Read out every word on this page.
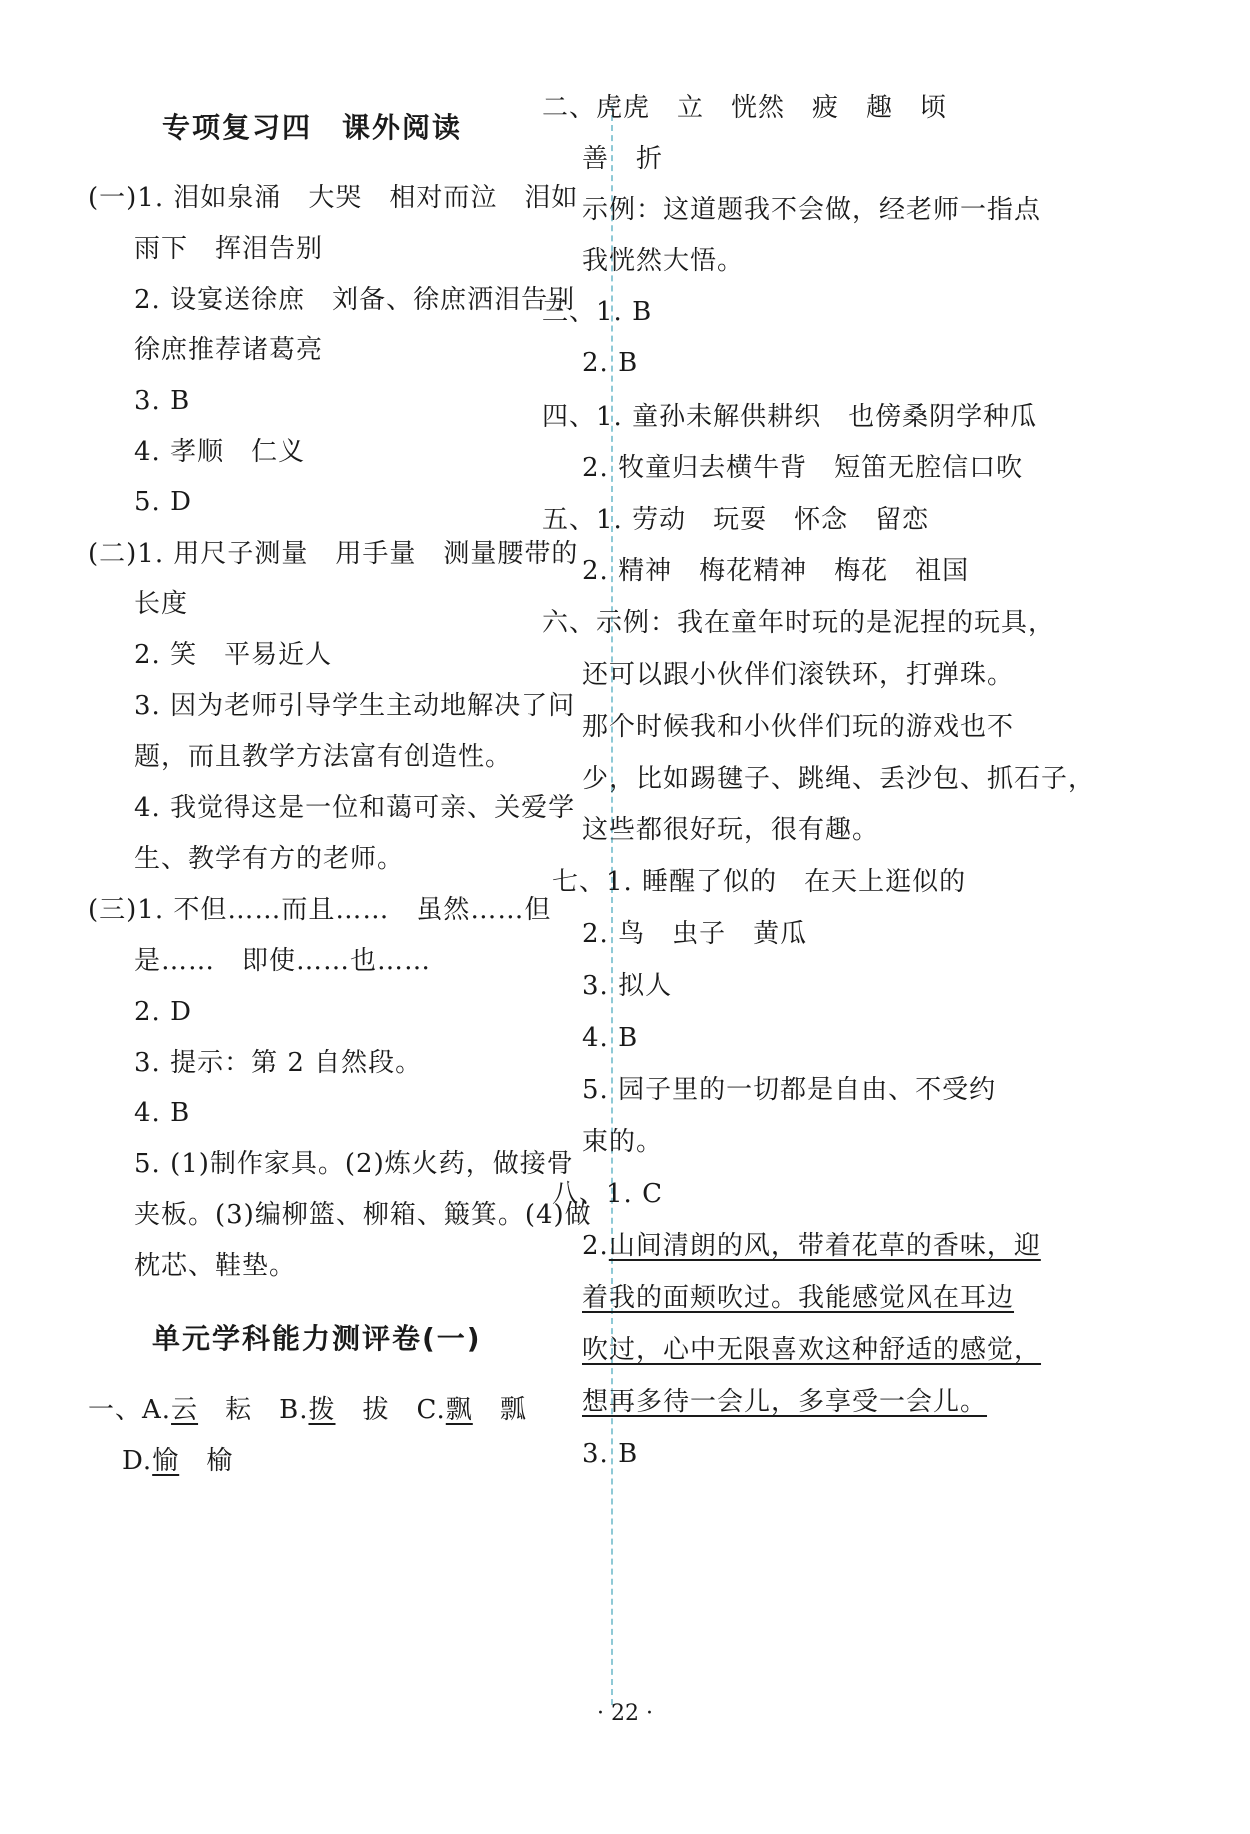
专项复习四　课外阅读
(一)1. 泪如泉涌　大哭　相对而泣　泪如
雨下　挥泪告别
2. 设宴送徐庶　刘备、徐庶洒泪告别
徐庶推荐诸葛亮
3. B
4. 孝顺　仁义
5. D
(二)1. 用尺子测量　用手量　测量腰带的
长度
2. 笑　平易近人
3. 因为老师引导学生主动地解决了问
题，而且教学方法富有创造性。
4. 我觉得这是一位和蔼可亲、关爱学
生、教学有方的老师。
(三)1. 不但……而且……　虽然……但
是……　即使……也……
2. D
3. 提示：第 2 自然段。
4. B
5. (1)制作家具。(2)炼火药，做接骨
夹板。(3)编柳篮、柳箱、簸箕。(4)做
枕芯、鞋垫。
单元学科能力测评卷(一)
一、A.云　 耘　 B.拨　 拔　 C.飘　 瓢
D.愉　 榆
二、虎虎　立　恍然　疲　趣　顷
善　折
示例：这道题我不会做，经老师一指点
我恍然大悟。
三、1. B
2. B
四、1. 童孙未解供耕织　也傍桑阴学种瓜
2. 牧童归去横牛背　短笛无腔信口吹
五、1. 劳动　玩耍　怀念　留恋
2. 精神　梅花精神　梅花　祖国
六、示例：我在童年时玩的是泥捏的玩具，
还可以跟小伙伴们滚铁环，打弹珠。
那个时候我和小伙伴们玩的游戏也不
少，比如踢毽子、跳绳、丢沙包、抓石子，
这些都很好玩，很有趣。
七、1. 睡醒了似的　在天上逛似的
2. 鸟　虫子　黄瓜
3. 拟人
4. B
5. 园子里的一切都是自由、不受约
束的。
八、1. C
2.山间清朗的风，带着花草的香味，迎
着我的面颊吹过。我能感觉风在耳边
吹过，心中无限喜欢这种舒适的感觉，
想再多待一会儿，多享受一会儿。
3. B
· 22 ·
